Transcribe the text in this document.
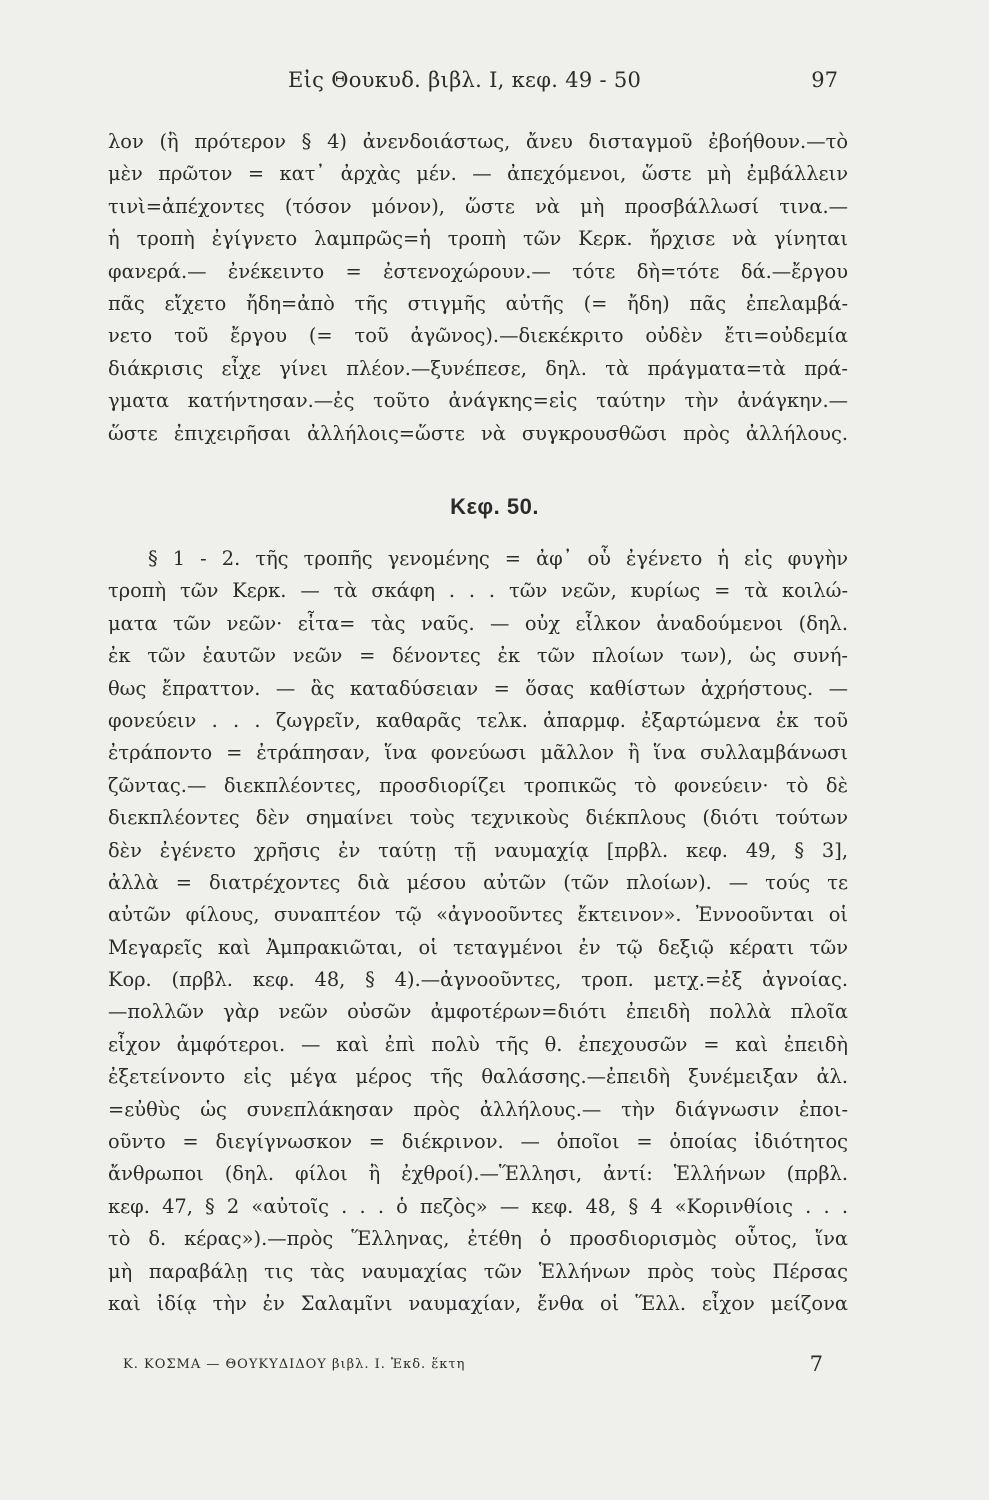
Εἰς Θουκυδ. βιβλ. Ι, κεφ. 49 - 50	97
λον (ἢ πρότερον § 4) ἀνενδοιάστως, ἄνευ δισταγμοῦ ἐβοήθουν.—τὸ
μὲν πρῶτον = κατ᾿ ἀρχὰς μέν. — ἀπεχόμενοι, ὥστε μὴ ἐμβάλλειν
τινὶ=ἀπέχοντες (τόσον μόνον), ὥστε νὰ μὴ προσβάλλωσί τινα.—
ἡ τροπὴ ἐγίγνετο λαμπρῶς=ἡ τροπὴ τῶν Κερκ. ἤρχισε νὰ γίνηται
φανερά.— ἐνέκειντο = ἐστενοχώρουν.— τότε δὴ=τότε δά.—ἔργου
πᾶς εἴχετο ἤδη=ἀπὸ τῆς στιγμῆς αὐτῆς (= ἤδη) πᾶς ἐπελαμβά-
νετο τοῦ ἔργου (= τοῦ ἀγῶνος).—διεκέκριτο οὐδὲν ἔτι=οὐδεμία
διάκρισις εἶχε γίνει πλέον.—ξυνέπεσε, δηλ. τὰ πράγματα=τὰ πρά-
γματα κατήντησαν.—ἐς τοῦτο ἀνάγκης=εἰς ταύτην τὴν ἀνάγκην.—
ὥστε ἐπιχειρῆσαι ἀλλήλοις=ὥστε νὰ συγκρουσθῶσι πρὸς ἀλλήλους.
Κεφ. 50.
§ 1 - 2. τῆς τροπῆς γενομένης = ἀφ᾿ οὗ ἐγένετο ἡ εἰς φυγὴν
τροπὴ τῶν Κερκ. — τὰ σκάφη . . . τῶν νεῶν, κυρίως = τὰ κοιλώ-
ματα τῶν νεῶν· εἶτα= τὰς ναῦς. — οὐχ εἷλκον ἀναδούμενοι (δηλ.
ἐκ τῶν ἑαυτῶν νεῶν = δένοντες ἐκ τῶν πλοίων των), ὡς συνή-
θως ἔπραττον. — ἃς καταδύσειαν = ὅσας καθίστων ἀχρήστους. —
φονεύειν . . . ζωγρεῖν, καθαρᾶς τελκ. ἀπαρμφ. ἐξαρτώμενα ἐκ τοῦ
ἐτράποντο = ἐτράπησαν, ἵνα φονεύωσι μᾶλλον ἢ ἵνα συλλαμβάνωσι
ζῶντας.— διεκπλέοντες, προσδιορίζει τροπικῶς τὸ φονεύειν· τὸ δὲ
διεκπλέοντες δὲν σημαίνει τοὺς τεχνικοὺς διέκπλους (διότι τούτων
δὲν ἐγένετο χρῆσις ἐν ταύτῃ τῇ ναυμαχίᾳ [πρβλ. κεφ. 49, § 3],
ἀλλὰ = διατρέχοντες διὰ μέσου αὐτῶν (τῶν πλοίων). — τούς τε
αὐτῶν φίλους, συναπτέον τῷ «ἀγνοοῦντες ἔκτεινον». Ἐννοοῦνται οἱ
Μεγαρεῖς καὶ Ἀμπρακιῶται, οἱ τεταγμένοι ἐν τῷ δεξιῷ κέρατι τῶν
Κορ. (πρβλ. κεφ. 48, § 4).—ἀγνοοῦντες, τροπ. μετχ.=ἐξ ἀγνοίας.
—πολλῶν γὰρ νεῶν οὐσῶν ἀμφοτέρων=διότι ἐπειδὴ πολλὰ πλοῖα
εἶχον ἀμφότεροι. — καὶ ἐπὶ πολὺ τῆς θ. ἐπεχουσῶν = καὶ ἐπειδὴ
ἐξετείνοντο εἰς μέγα μέρος τῆς θαλάσσης.—ἐπειδὴ ξυνέμειξαν ἀλ.
=εὐθὺς ὡς συνεπλάκησαν πρὸς ἀλλήλους.— τὴν διάγνωσιν ἐποι-
οῦντο = διεγίγνωσκον = διέκρινον. — ὁποῖοι = ὁποίας ἰδιότητος
ἄνθρωποι (δηλ. φίλοι ἢ ἐχθροί).—Ἕλλησι, ἀντί: Ἑλλήνων (πρβλ.
κεφ. 47, § 2 «αὐτοῖς . . . ὁ πεζὸς» — κεφ. 48, § 4 «Κορινθίοις . . .
τὸ δ. κέρας»).—πρὸς Ἕλληνας, ἐτέθη ὁ προσδιορισμὸς οὗτος, ἵνα
μὴ παραβάλῃ τις τὰς ναυμαχίας τῶν Ἑλλήνων πρὸς τοὺς Πέρσας
καὶ ἰδίᾳ τὴν ἐν Σαλαμῖνι ναυμαχίαν, ἔνθα οἱ Ἕλλ. εἶχον μείζονα
Κ. ΚΟΣΜΑ — ΘΟΥΚΥΔΙΔΟΥ βιβλ. Ι. Ἐκδ. ἕκτη	7
